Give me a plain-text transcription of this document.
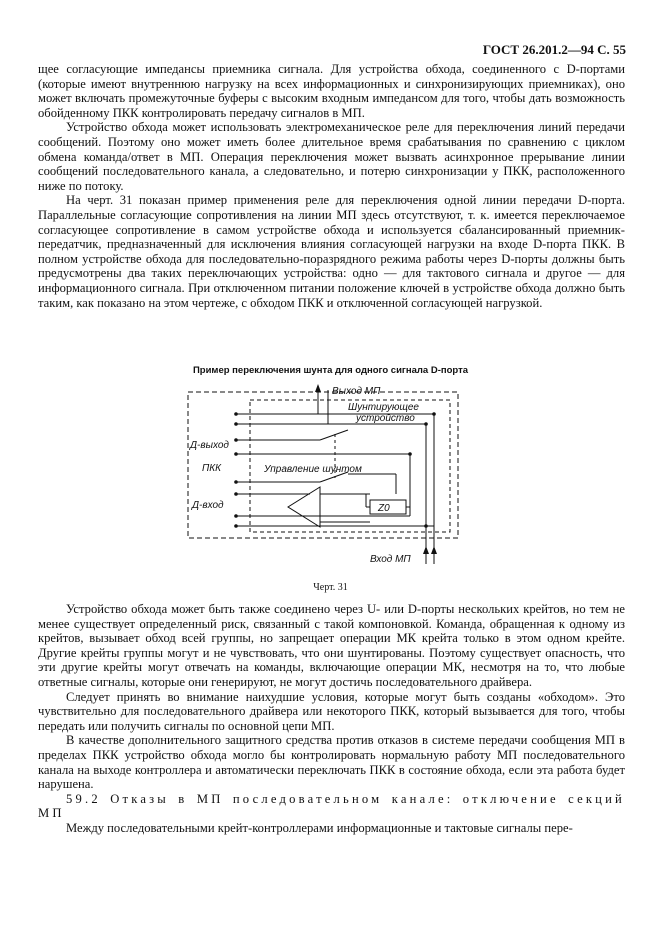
ГОСТ 26.201.2—94 С. 55

щее согласующие импедансы приемника сигнала. Для устройства обхода, соединенного с D-портами (которые имеют внутреннюю нагрузку на всех информационных и синхронизирующих приемниках), оно может включать промежуточные буферы с высоким входным импедансом для того, чтобы дать возможность обойденному ПКК контролировать передачу сигналов в МП.

Устройство обхода может использовать электромеханическое реле для переключения линий передачи сообщений. Поэтому оно может иметь более длительное время срабатывания по сравнению с циклом обмена команда/ответ в МП. Операция переключения может вызвать асинхронное прерывание линии сообщений последовательного канала, а следовательно, и потерю синхронизации у ПКК, расположенного ниже по потоку.

На черт. 31 показан пример применения реле для переключения одной линии передачи D-порта. Параллельные согласующие сопротивления на линии МП здесь отсутствуют, т. к. имеется переключаемое согласующее сопротивление в самом устройстве обхода и используется сбалансированный приемник-передатчик, предназначенный для исключения влияния согласующей нагрузки на входе D-порта ПКК. В полном устройстве обхода для последовательно-поразрядного режима работы через D-порты должны быть предусмотрены два таких переключающих устройства: одно — для тактового сигнала и другое — для информационного сигнала. При отключенном питании положение ключей в устройстве обхода должно быть таким, как показано на этом чертеже, с обходом ПКК и отключенной согласующей нагрузкой.

Пример переключения шунта для одного сигнала D-порта
Выход МП
Шунтирующее
устройство
Д-выход
ПКК	Управление шунтом
Д-вход	Z0
Вход МП
Черт. 31

Устройство обхода может быть также соединено через U- или D-порты нескольких крейтов, но тем не менее существует определенный риск, связанный с такой компоновкой. Команда, обращенная к одному из крейтов, вызывает обход всей группы, но запрещает операции МК крейта только в этом одном крейте. Другие крейты группы могут и не чувствовать, что они шунтированы. Поэтому существует опасность, что эти другие крейты могут отвечать на команды, включающие операции МК, несмотря на то, что любые ответные сигналы, которые они генерируют, не могут достичь последовательного драйвера.

Следует принять во внимание наихудшие условия, которые могут быть созданы «обходом». Это чувствительно для последовательного драйвера или некоторого ПКК, который вызывается для того, чтобы передать или получить сигналы по основной цепи МП.

В качестве дополнительного защитного средства против отказов в системе передачи сообщения МП в пределах ПКК устройство обхода могло бы контролировать нормальную работу МП последовательного канала на выходе контроллера и автоматически переключать ПКК в состояние обхода, если эта работа будет нарушена.

59.2 Отказы в МП последовательном канале: отключение секций МП

Между последовательными крейт-контроллерами информационные и тактовые сигналы пере-
